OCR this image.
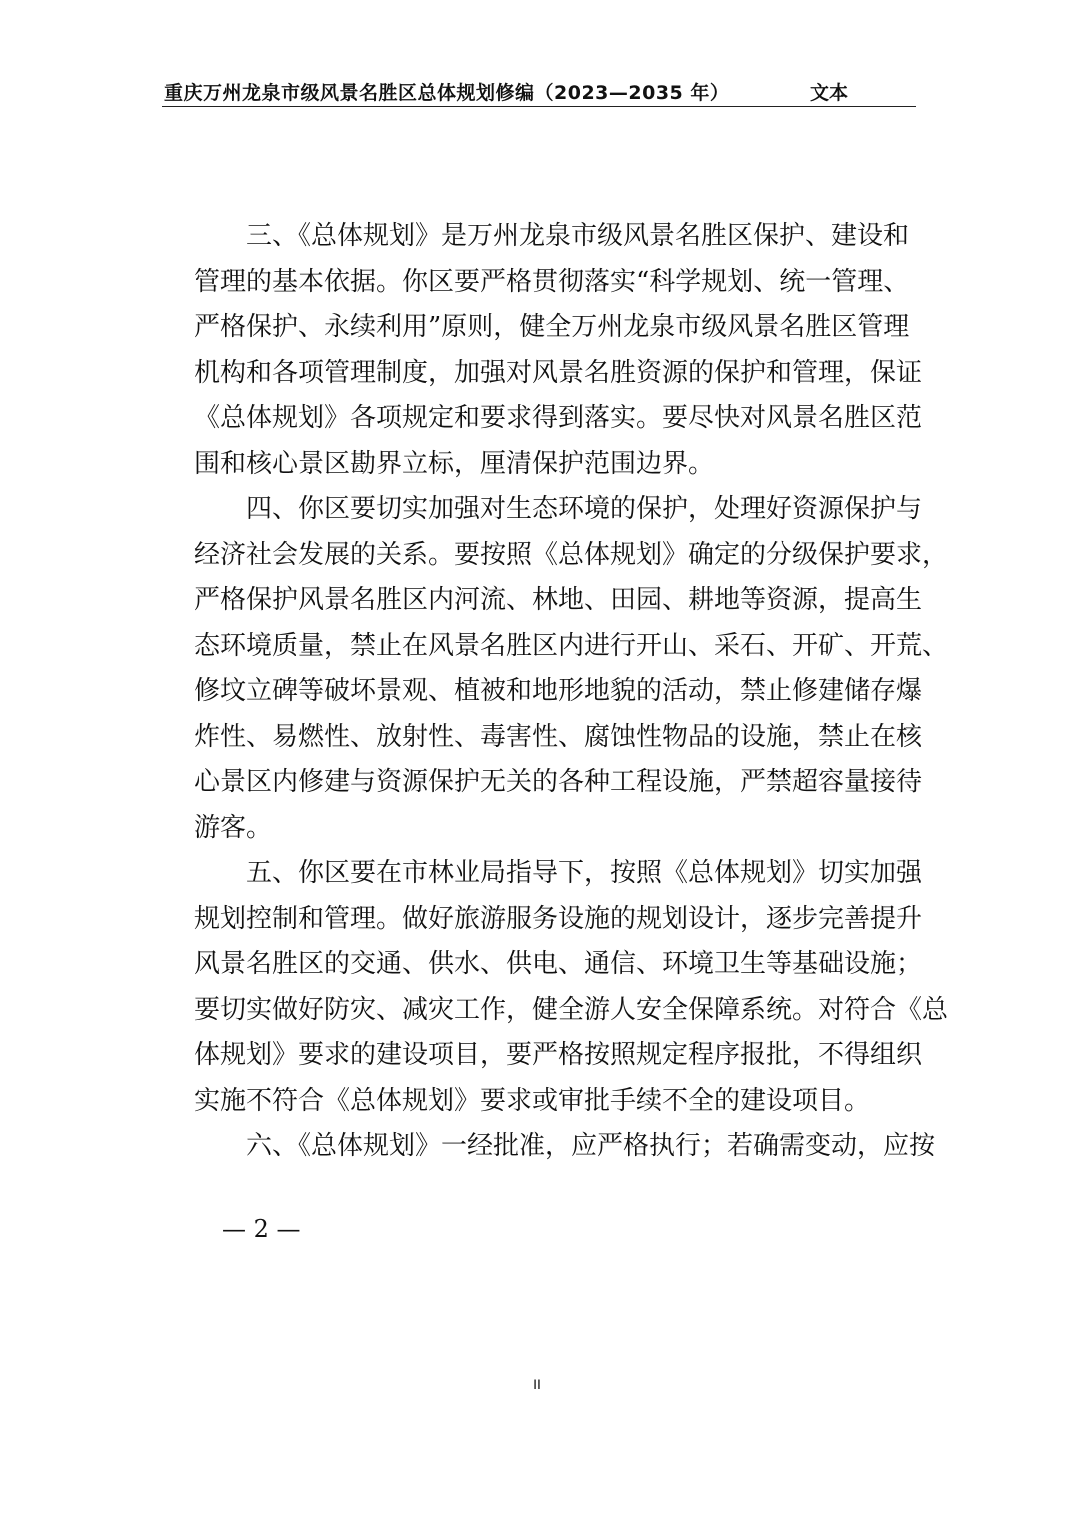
重庆万州龙泉市级风景名胜区总体规划修编（2023—2035 年）	文本
　　三、《总体规划》是万州龙泉市级风景名胜区保护、建设和
管理的基本依据。你区要严格贯彻落实“科学规划、统一管理、
严格保护、永续利用”原则，健全万州龙泉市级风景名胜区管理
机构和各项管理制度，加强对风景名胜资源的保护和管理，保证
《总体规划》各项规定和要求得到落实。要尽快对风景名胜区范
围和核心景区勘界立标，厘清保护范围边界。
　　四、你区要切实加强对生态环境的保护，处理好资源保护与
经济社会发展的关系。要按照《总体规划》确定的分级保护要求，
严格保护风景名胜区内河流、林地、田园、耕地等资源，提高生
态环境质量，禁止在风景名胜区内进行开山、采石、开矿、开荒、
修坟立碑等破坏景观、植被和地形地貌的活动，禁止修建储存爆
炸性、易燃性、放射性、毒害性、腐蚀性物品的设施，禁止在核
心景区内修建与资源保护无关的各种工程设施，严禁超容量接待
游客。
　　五、你区要在市林业局指导下，按照《总体规划》切实加强
规划控制和管理。做好旅游服务设施的规划设计，逐步完善提升
风景名胜区的交通、供水、供电、通信、环境卫生等基础设施；
要切实做好防灾、减灾工作，健全游人安全保障系统。对符合《总
体规划》要求的建设项目，要严格按照规定程序报批，不得组织
实施不符合《总体规划》要求或审批手续不全的建设项目。
　　六、《总体规划》一经批准，应严格执行；若确需变动，应按
— 2 —
II
